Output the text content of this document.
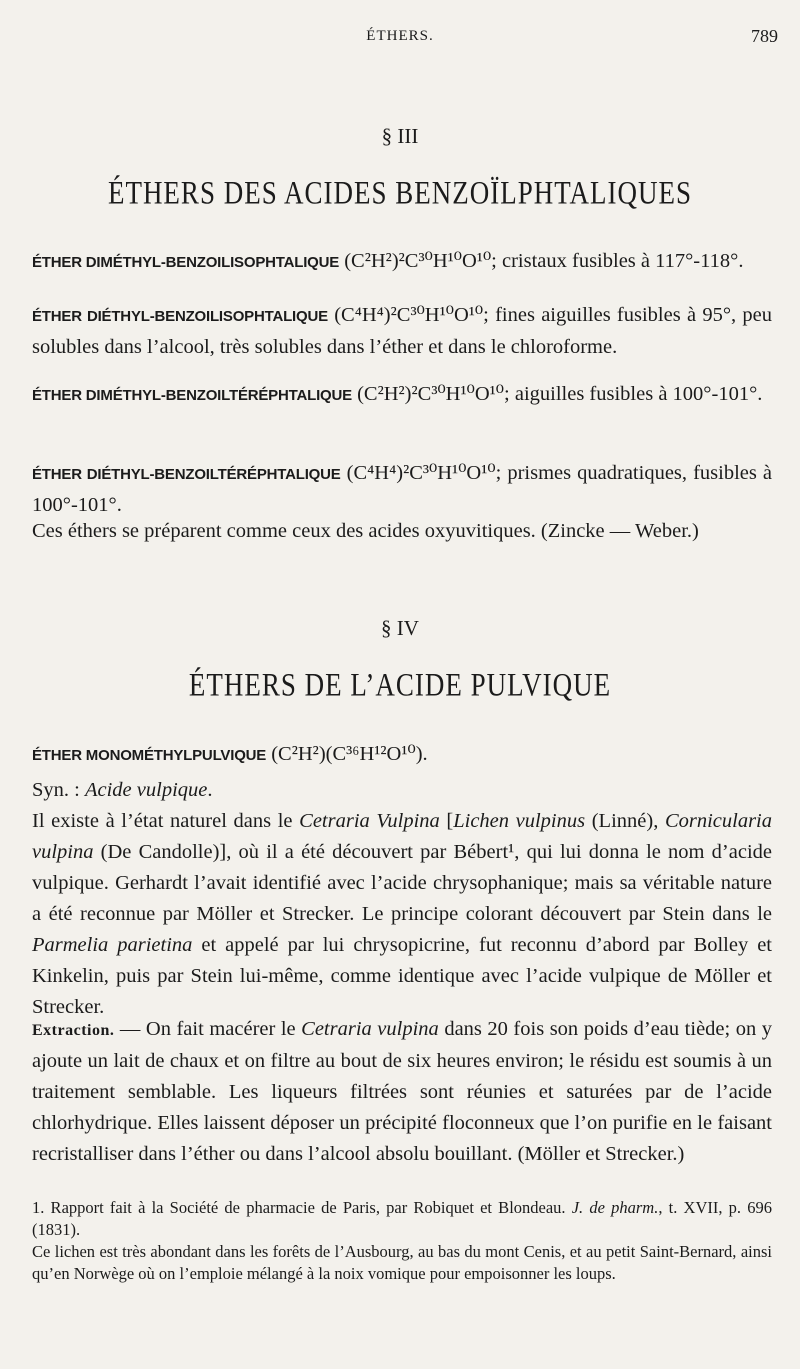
ÉTHERS.	789
§ III
ÉTHERS DES ACIDES BENZOÏLPHTALIQUES

ÉTHER DIMÉTHYL-BENZOILISOPHTALIQUE (C²H²)²C³⁰H¹⁰O¹⁰; cristaux fusibles à 117°-118°.

ÉTHER DIÉTHYL-BENZOILISOPHTALIQUE (C⁴H⁴)²C³⁰H¹⁰O¹⁰; fines aiguilles fusibles à 95°, peu solubles dans l’alcool, très solubles dans l’éther et dans le chloroforme.

ÉTHER DIMÉTHYL-BENZOILTÉRÉPHTALIQUE (C²H²)²C³⁰H¹⁰O¹⁰; aiguilles fusibles à 100°-101°.

ÉTHER DIÉTHYL-BENZOILTÉRÉPHTALIQUE (C⁴H⁴)²C³⁰H¹⁰O¹⁰; prismes quadratiques, fusibles à 100°-101°.

Ces éthers se préparent comme ceux des acides oxyuvitiques. (Zincke — Weber.)

§ IV
ÉTHERS DE L’ACIDE PULVIQUE

ÉTHER MONOMÉTHYLPULVIQUE (C²H²)(C³⁶H¹²O¹⁰).

Syn. : Acide vulpique.

Il existe à l’état naturel dans le Cetraria Vulpina [Lichen vulpinus (Linné), Cornicularia vulpina (De Candolle)], où il a été découvert par Bébert¹, qui lui donna le nom d’acide vulpique. Gerhardt l’avait identifié avec l’acide chrysophanique; mais sa véritable nature a été reconnue par Möller et Strecker. Le principe colorant découvert par Stein dans le Parmelia parietina et appelé par lui chrysopicrine, fut reconnu d’abord par Bolley et Kinkelin, puis par Stein lui-même, comme identique avec l’acide vulpique de Möller et Strecker.

Extraction. — On fait macérer le Cetraria vulpina dans 20 fois son poids d’eau tiède; on y ajoute un lait de chaux et on filtre au bout de six heures environ; le résidu est soumis à un traitement semblable. Les liqueurs filtrées sont réunies et saturées par de l’acide chlorhydrique. Elles laissent déposer un précipité floconneux que l’on purifie en le faisant recristalliser dans l’éther ou dans l’alcool absolu bouillant. (Möller et Strecker.)

1. Rapport fait à la Société de pharmacie de Paris, par Robiquet et Blondeau. J. de pharm., t. XVII, p. 696 (1831).

Ce lichen est très abondant dans les forêts de l’Ausbourg, au bas du mont Cenis, et au petit Saint-Bernard, ainsi qu’en Norwège où on l’emploie mélangé à la noix vomique pour empoisonner les loups.
